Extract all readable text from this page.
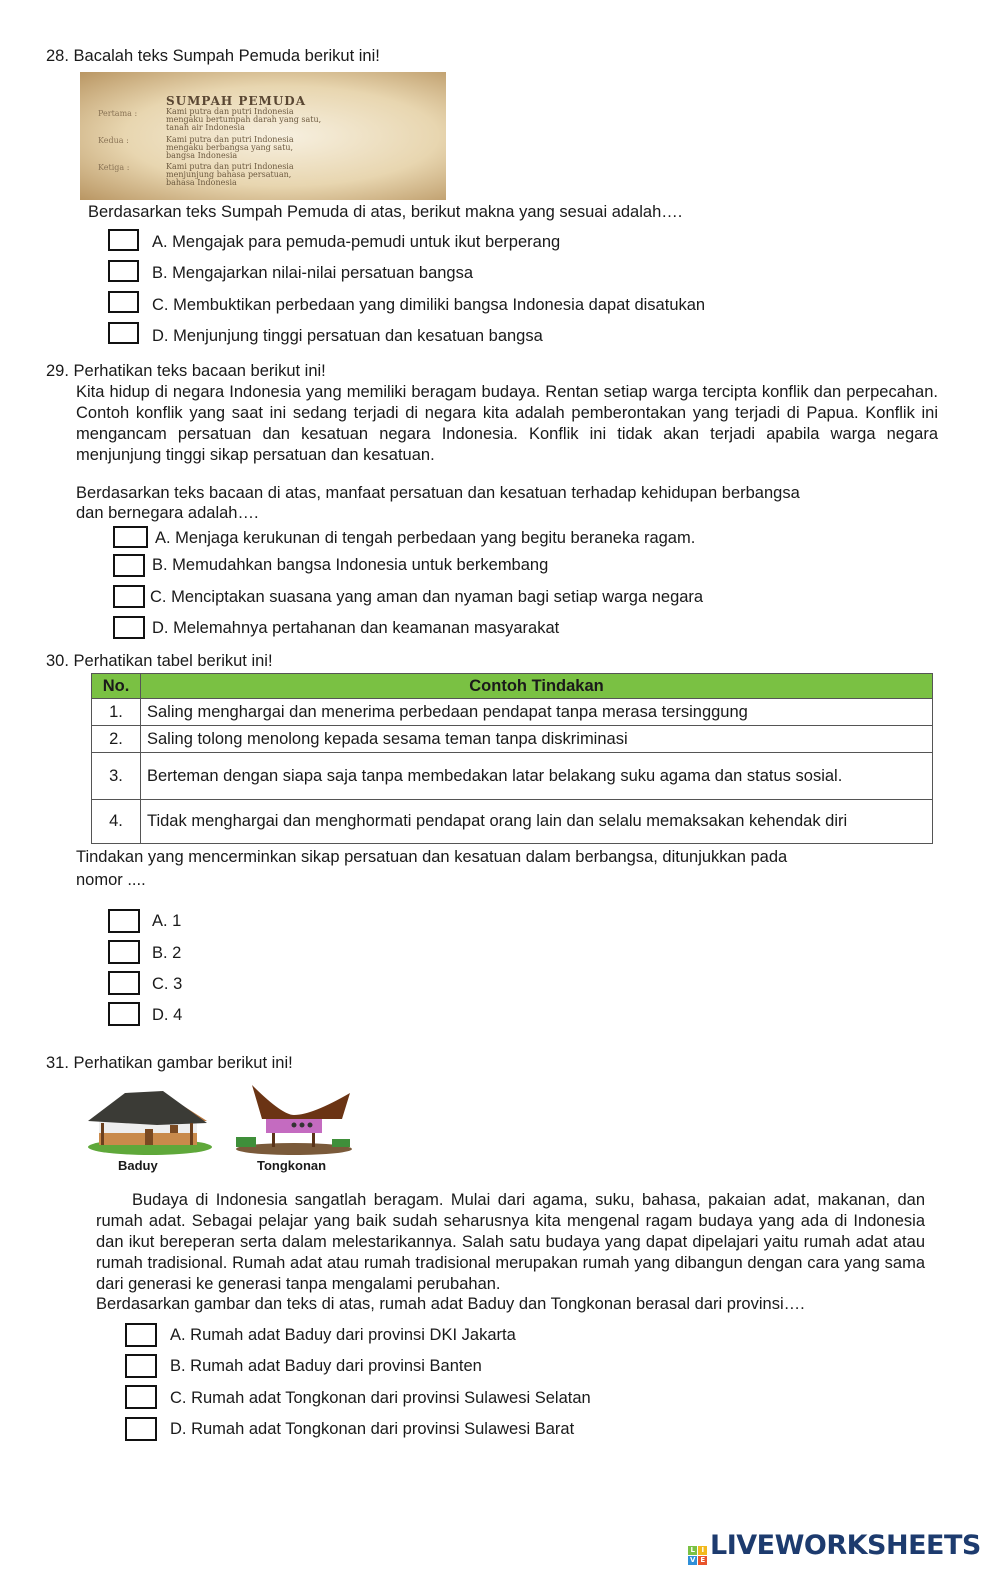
28. Bacalah teks Sumpah Pemuda berikut ini!
SUMPAH PEMUDA
Pertama :	Kami putra dan putri Indonesia
mengaku bertumpah darah yang satu,
tanah air Indonesia
Kedua :	Kami putra dan putri Indonesia
mengaku berbangsa yang satu,
bangsa Indonesia
Ketiga :	Kami putra dan putri Indonesia
menjunjung bahasa persatuan,
bahasa Indonesia
Berdasarkan teks Sumpah Pemuda di atas, berikut makna yang sesuai adalah….
A. Mengajak para pemuda-pemudi untuk ikut berperang
B. Mengajarkan nilai-nilai persatuan bangsa
C. Membuktikan perbedaan yang dimiliki bangsa Indonesia dapat disatukan
D. Menjunjung tinggi persatuan dan kesatuan bangsa
29. Perhatikan teks bacaan berikut ini!
Kita hidup di negara Indonesia yang memiliki beragam budaya. Rentan setiap warga tercipta konflik dan perpecahan. Contoh konflik yang saat ini sedang terjadi di negara kita adalah pemberontakan yang terjadi di Papua. Konflik ini mengancam persatuan dan kesatuan negara Indonesia. Konflik ini tidak akan terjadi apabila warga negara menjunjung tinggi sikap persatuan dan kesatuan.
Berdasarkan teks bacaan di atas, manfaat persatuan dan kesatuan terhadap kehidupan berbangsa
dan bernegara adalah….
A. Menjaga kerukunan di tengah perbedaan yang begitu beraneka ragam.
B. Memudahkan bangsa Indonesia untuk berkembang
C. Menciptakan suasana yang aman dan nyaman bagi setiap warga negara
D. Melemahnya pertahanan dan keamanan masyarakat
30. Perhatikan tabel berikut ini!
No.	Contoh Tindakan
1.	Saling menghargai dan menerima perbedaan pendapat tanpa merasa tersinggung
2.	Saling tolong menolong kepada sesama teman tanpa diskriminasi
3.	Berteman dengan siapa saja tanpa membedakan latar belakang suku agama dan status sosial.
4.	Tidak menghargai dan menghormati pendapat orang lain dan selalu memaksakan kehendak diri
Tindakan yang mencerminkan sikap persatuan dan kesatuan dalam berbangsa, ditunjukkan pada
nomor ....
A. 1
B. 2
C. 3
D. 4
31. Perhatikan gambar berikut ini!
Baduy	Tongkonan
Budaya di Indonesia sangatlah beragam. Mulai dari agama, suku, bahasa, pakaian adat, makanan, dan rumah adat. Sebagai pelajar yang baik sudah seharusnya kita mengenal ragam budaya yang ada di Indonesia dan ikut bereperan serta dalam melestarikannya. Salah satu budaya yang dapat dipelajari yaitu rumah adat atau rumah tradisional. Rumah adat atau rumah tradisional merupakan rumah yang dibangun dengan cara yang sama dari generasi ke generasi tanpa mengalami perubahan.
Berdasarkan gambar dan teks di atas, rumah adat Baduy dan Tongkonan berasal dari provinsi….
A. Rumah adat Baduy dari provinsi DKI Jakarta
B. Rumah adat Baduy dari provinsi Banten
C. Rumah adat Tongkonan dari provinsi Sulawesi Selatan
D. Rumah adat Tongkonan dari provinsi Sulawesi Barat
L I
V E LIVEWORKSHEETS
